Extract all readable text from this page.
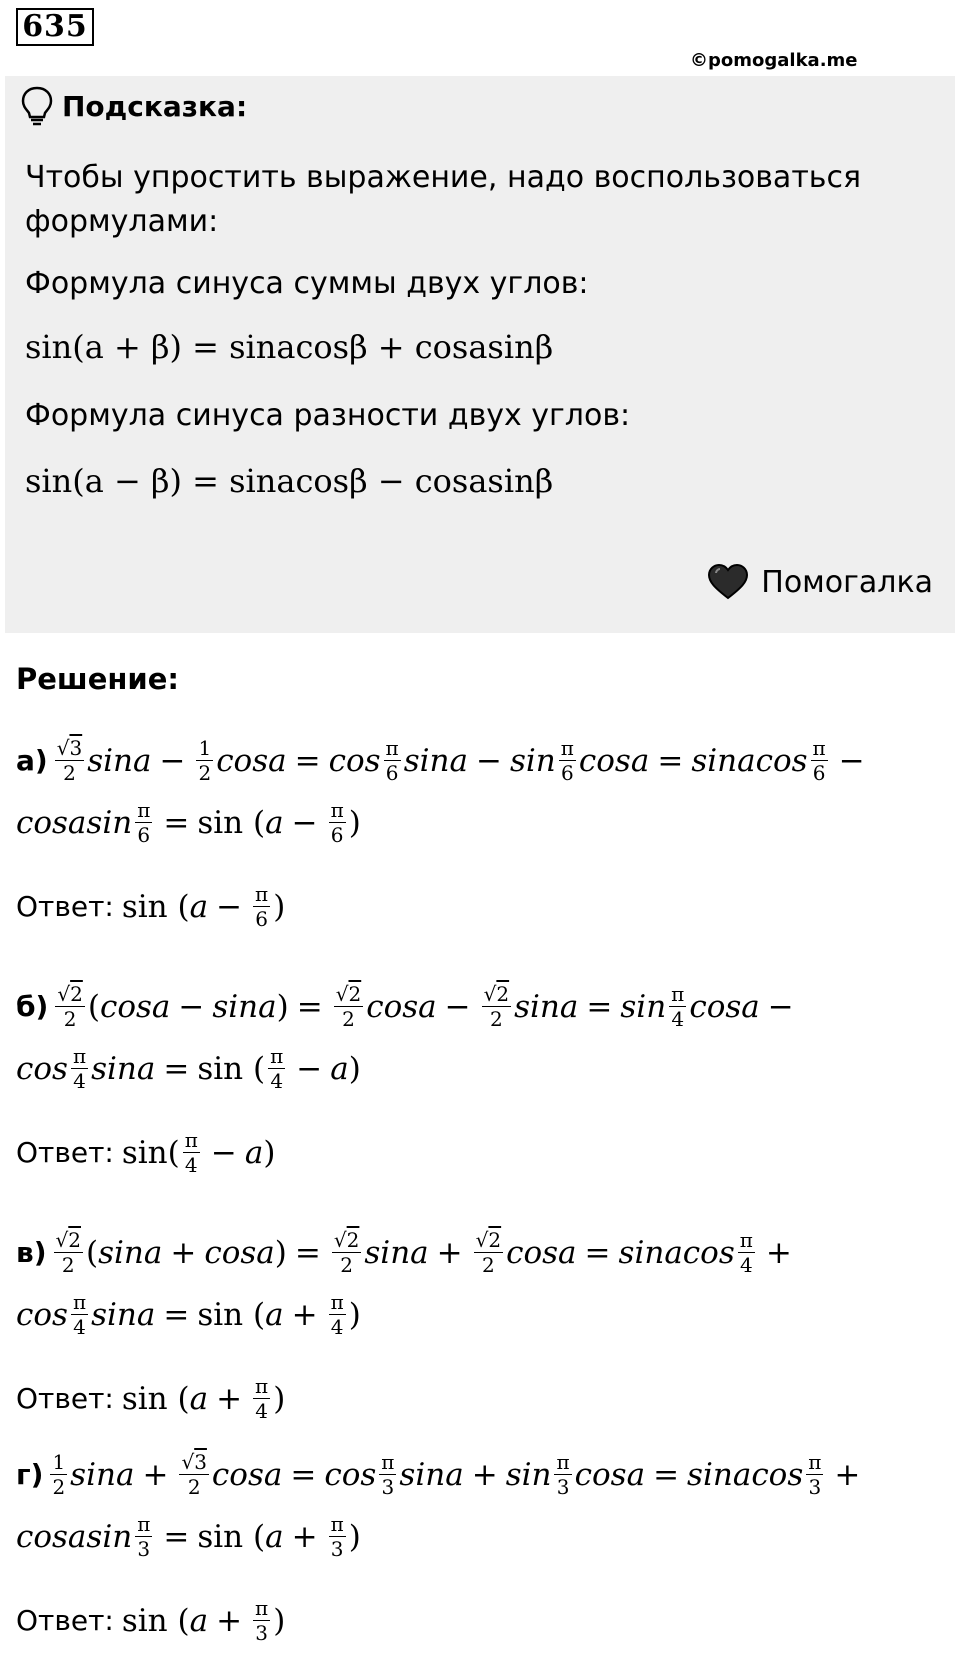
635
©pomogalka.me
Подсказка:
Чтобы упростить выражение, надо воспользоваться
формулами:
Формула синуса суммы двух углов:
sin(a + β) = sinacosβ + cosasinβ
Формула синуса разности двух углов:
sin(a − β) = sinacosβ − cosasinβ
Помогалка
Решение:
$а) \frac{√3}{2}$ $\sin a - \frac{1}{2}$ $\cos a = \cos \frac{\pi}{6}$ $\sin a - \sin \frac{\pi}{6}$ cosa = sinacos $\frac{\pi}{6}$ −
cosasin $\frac{\pi}{6} = \sin$ ( $a - \frac{\pi}{6}$ )
Ответ: sin ( $a - \frac{\pi}{6}$ )
$б) \frac{√2}{2}$ ( cosa − sina ) = $\frac{√2}{2}$ $\cos a - \frac{√2}{2}$ $\sin a = \sin \frac{\pi}{4}$ cosa −
$\cos \frac{\pi}{4}$ sina = sin ( $\frac{\pi}{4} - a$ )
Ответ: $\sin( \frac{\pi}{4} - a$ )
$в) \frac{√2}{2}$ ( sina + cosa ) = $\frac{√2}{2}$ $\sin a + \frac{√2}{2}$ cosa = sinacos $\frac{\pi}{4}$ +
$\cos \frac{\pi}{4}$ sina = sin ( $a + \frac{\pi}{4}$ )
Ответ: sin ( $a + \frac{\pi}{4}$ )
$г) \frac{1}{2}$ $\sin a + \frac{√3}{2}$ $\cos a = \cos \frac{\pi}{3}$ $\sin a + \sin \frac{\pi}{3}$ cosa = sinacos $\frac{\pi}{3}$ +
cosasin $\frac{\pi}{3} = \sin$ ( $a + \frac{\pi}{3}$ )
Ответ: sin ( $a + \frac{\pi}{3}$ )
